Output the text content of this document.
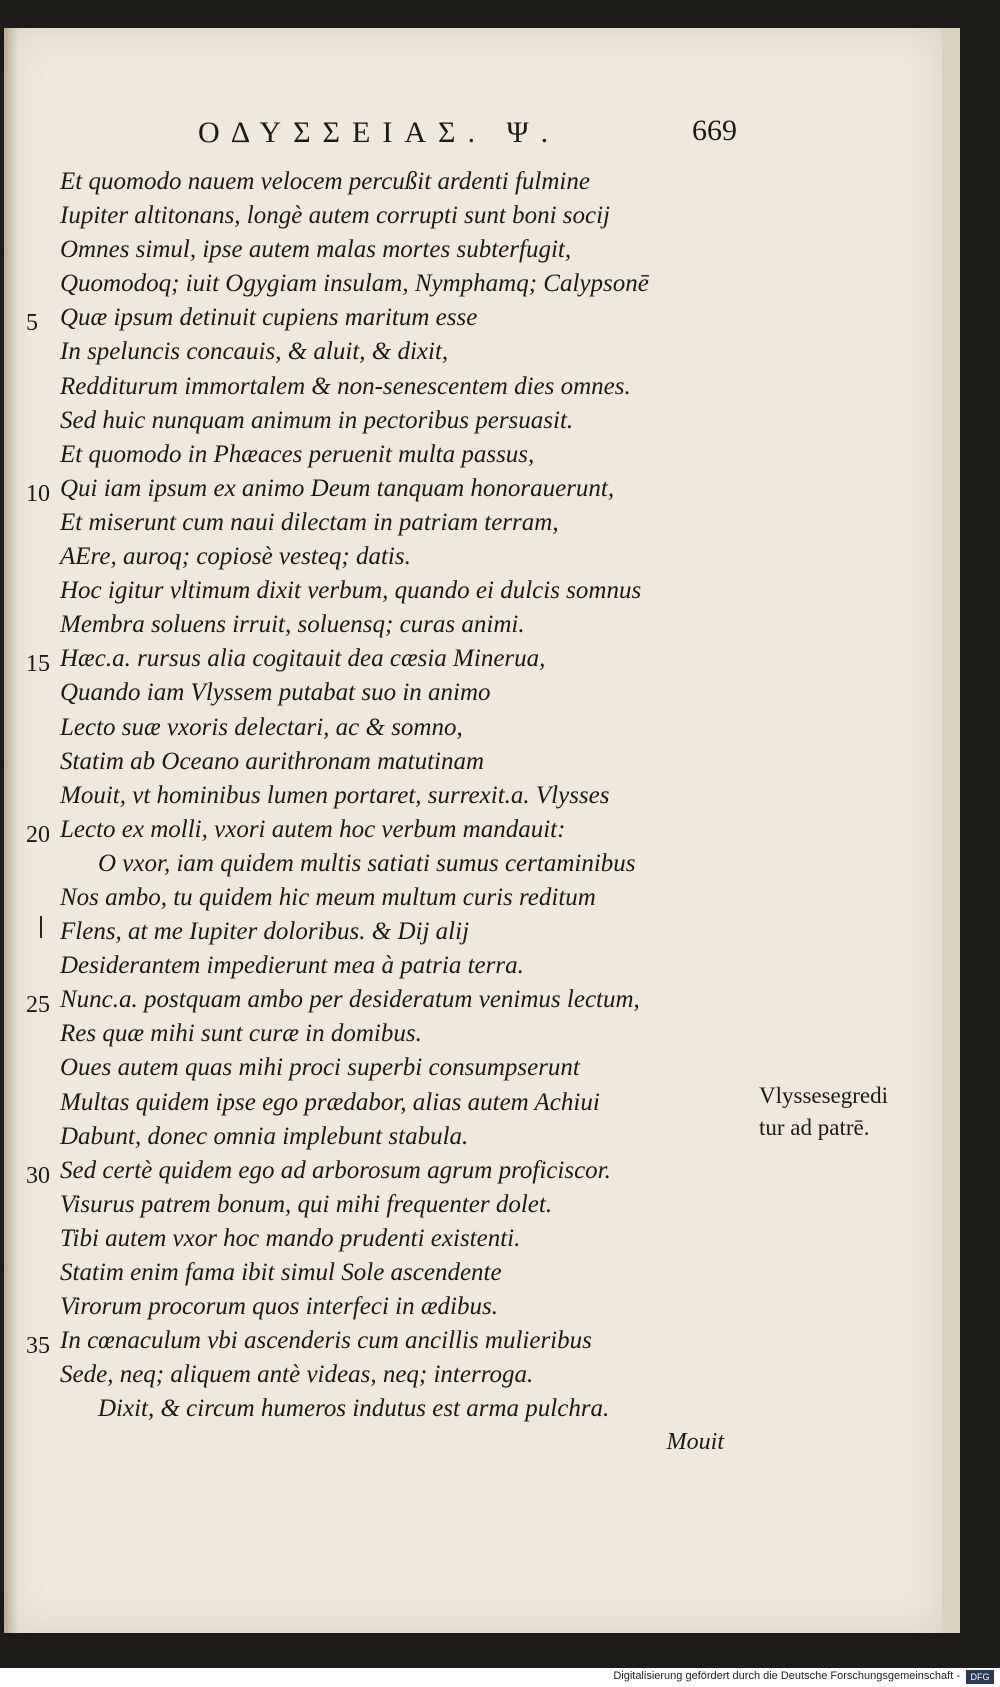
ΟΔΥΣΣΕΙΑΣ. Ψ.	669
Et quomodo nauem velocem percußit ardenti fulmine
Iupiter altitonans, longè autem corrupti sunt boni socij
Omnes simul, ipse autem malas mortes subterfugit,
Quomodoq; iuit Ogygiam insulam, Nymphamq; Calypsonē
5 Quæ ipsum detinuit cupiens maritum esse
In speluncis concauis, & aluit, & dixit,
Redditurum immortalem & non-senescentem dies omnes.
Sed huic nunquam animum in pectoribus persuasit.
Et quomodo in Phæaces peruenit multa passus,
10 Qui iam ipsum ex animo Deum tanquam honorauerunt,
Et miserunt cum naui dilectam in patriam terram,
AEre, auroq; copiosè vesteq; datis.
Hoc igitur vltimum dixit verbum, quando ei dulcis somnus
Membra soluens irruit, soluensq; curas animi.
15 Hæc.a. rursus alia cogitauit dea cæsia Minerua,
Quando iam Vlyssem putabat suo in animo
Lecto suæ vxoris delectari, ac & somno,
Statim ab Oceano aurithronam matutinam
Mouit, vt hominibus lumen portaret, surrexit.a. Vlysses
20 Lecto ex molli, vxori autem hoc verbum mandauit:
O vxor, iam quidem multis satiati sumus certaminibus
Nos ambo, tu quidem hic meum multum curis reditum
Flens, at me Iupiter doloribus. & Dij alij
Desiderantem impedierunt mea à patria terra.
25 Nunc.a. postquam ambo per desideratum venimus lectum,
Res quæ mihi sunt curæ in domibus.
Oues autem quas mihi proci superbi consumpserunt
Multas quidem ipse ego prædabor, alias autem Achiui
Dabunt, donec omnia implebunt stabula.
30 Sed certè quidem ego ad arborosum agrum proficiscor.
Visurus patrem bonum, qui mihi frequenter dolet.
Tibi autem vxor hoc mando prudenti existenti.
Statim enim fama ibit simul Sole ascendente
Virorum procorum quos interfeci in ædibus.
35 In cœnaculum vbi ascenderis cum ancillis mulieribus
Sede, neq; aliquem antè videas, neq; interroga.
Dixit, & circum humeros indutus est arma pulchra.
Mouit
Vlyssesegredi
tur ad patrē.
Digitalisierung gefördert durch die Deutsche Forschungsgemeinschaft -	DFG
